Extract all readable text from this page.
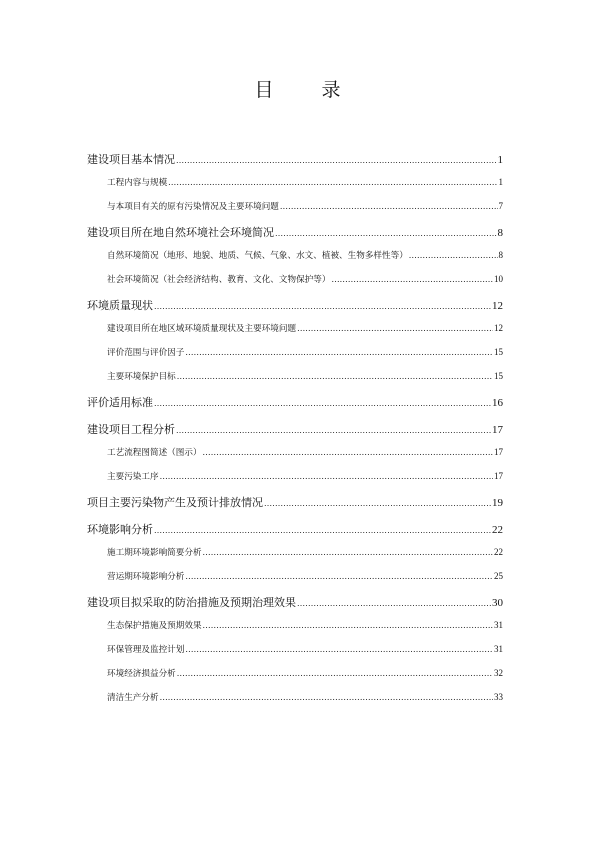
目	录
建设项目基本情况 .....	1
工程内容与规模 .....	1
与本项目有关的原有污染情况及主要环境问题 .....	7
建设项目所在地自然环境社会环境简况 .....	8
自然环境简况（地形、地貌、地质、气候、气象、水文、植被、生物多样性等） .....	8
社会环境简况（社会经济结构、教育、文化、文物保护等） .....	10
环境质量现状 .....	12
建设项目所在地区域环境质量现状及主要环境问题 .....	12
评价范围与评价因子 .....	15
主要环境保护目标 .....	15
评价适用标准 .....	16
建设项目工程分析 .....	17
工艺流程图简述（图示） .....	17
主要污染工序 .....	17
项目主要污染物产生及预计排放情况 .....	19
环境影响分析 .....	22
施工期环境影响简要分析 .....	22
营运期环境影响分析 .....	25
建设项目拟采取的防治措施及预期治理效果 .....	30
生态保护措施及预期效果 .....	31
环保管理及监控计划 .....	31
环境经济损益分析 .....	32
清洁生产分析 .....	33
